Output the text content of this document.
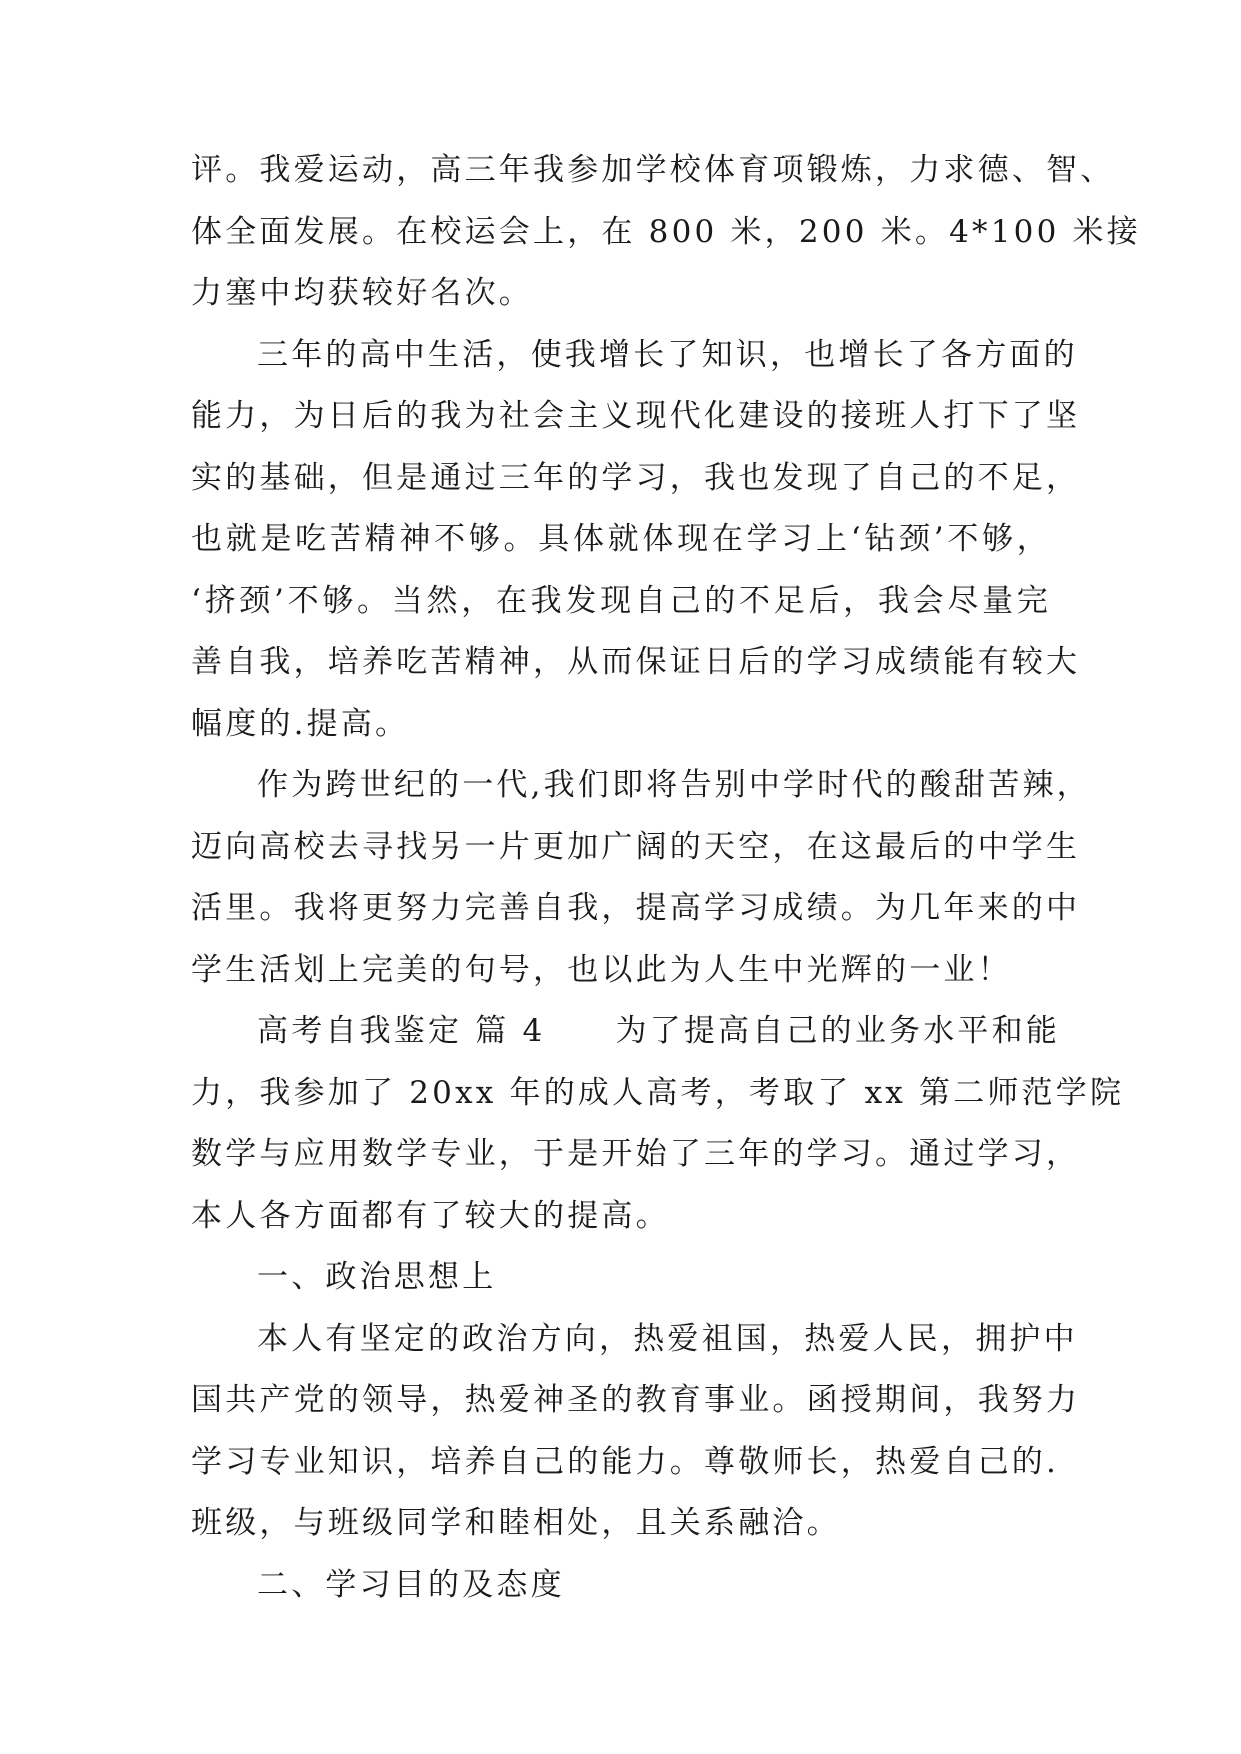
评。我爱运动，高三年我参加学校体育项锻炼，力求德、智、
体全面发展。在校运会上，在 800 米，200 米。4*100 米接
力塞中均获较好名次。
三年的高中生活，使我增长了知识，也增长了各方面的
能力，为日后的我为社会主义现代化建设的接班人打下了坚
实的基础，但是通过三年的学习，我也发现了自己的不足，
也就是吃苦精神不够。具体就体现在学习上‘钻颈’不够，
‘挤颈’不够。当然，在我发现自己的不足后，我会尽量完
善自我，培养吃苦精神，从而保证日后的学习成绩能有较大
幅度的.提高。
作为跨世纪的一代,我们即将告别中学时代的酸甜苦辣，
迈向高校去寻找另一片更加广阔的天空，在这最后的中学生
活里。我将更努力完善自我，提高学习成绩。为几年来的中
学生活划上完美的句号，也以此为人生中光辉的一业！
高考自我鉴定 篇 4 为了提高自己的业务水平和能
力，我参加了 20xx 年的成人高考，考取了 xx 第二师范学院
数学与应用数学专业，于是开始了三年的学习。通过学习，
本人各方面都有了较大的提高。
一、政治思想上
本人有坚定的政治方向，热爱祖国，热爱人民，拥护中
国共产党的领导，热爱神圣的教育事业。函授期间，我努力
学习专业知识，培养自己的能力。尊敬师长，热爱自己的.
班级，与班级同学和睦相处，且关系融洽。
二、学习目的及态度
